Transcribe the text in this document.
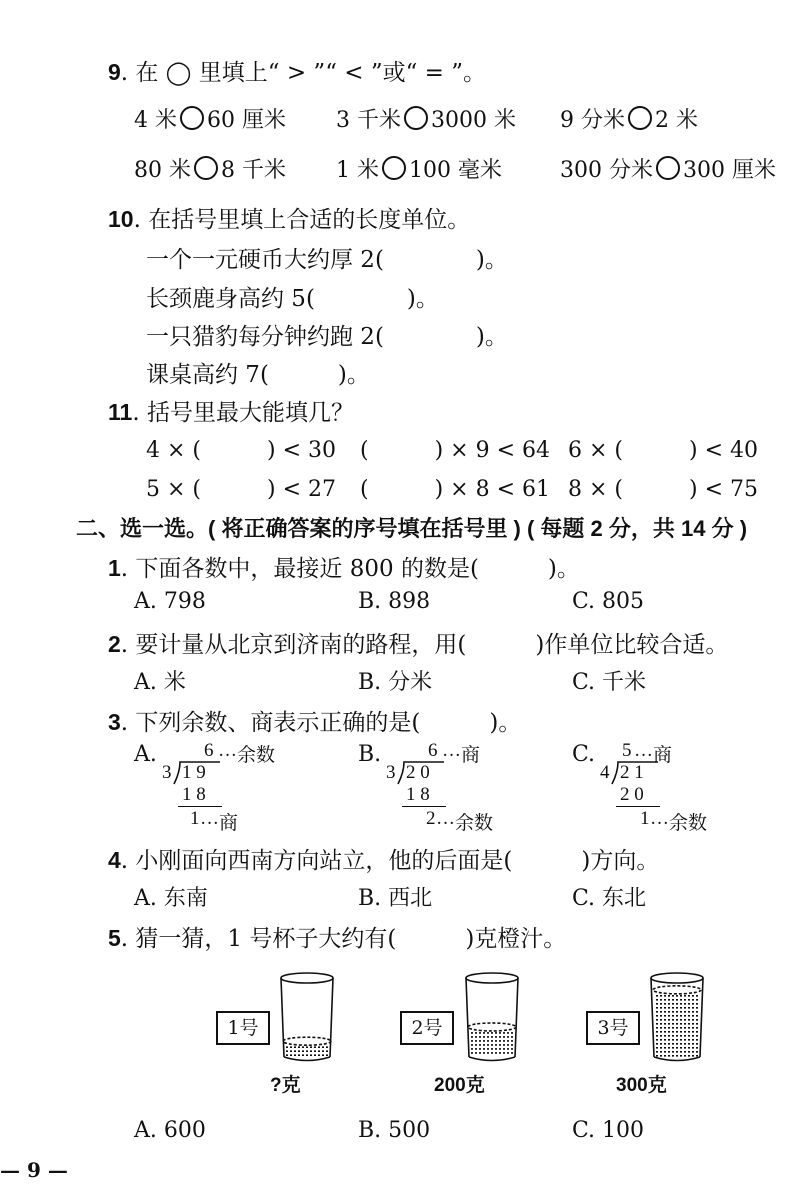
9. 在 ◯ 里填上“ > ”“ < ”或“ = ”。
4 米 60 厘米 3 千米 3000 米 9 分米 2 米
80 米 8 千米 1 米 100 毫米	300 分米 300 厘米
10. 在括号里填上合适的长度单位。
一个一元硬币大约厚 2(　　　　)。
长颈鹿身高约 5(　　　　)。
一只猎豹每分钟约跑 2(　　　　)。
课桌高约 7(　　　)。
11. 括号里最大能填几？
4 × (　　　) < 30 (　　　) × 9 < 64 6 × (　　　) < 40
5 × (　　　) < 27 (　　　) × 8 < 61 8 × (　　　) < 75
二、选一选。( 将正确答案的序号填在括号里 ) ( 每题 2 分，共 14 分 )
1. 下面各数中，最接近 800 的数是(　　　)。
A. 798	B. 898	C. 805
2. 要计量从北京到济南的路程，用(　　　)作单位比较合适。
A. 米	B. 分米	C. 千米
3. 下列余数、商表示正确的是(　　　)。
A. 6 ···余数
3 1 9
1 8
1 ···商
B. 6 ···商
3 2 0
1 8
2 ···余数
C. 5 ···商
4 2 1
2 0
1 ···余数
4. 小刚面向西南方向站立，他的后面是(　　　)方向。
A. 东南	B. 西北	C. 东北
5. 猜一猜，1 号杯子大约有(　　　)克橙汁。
1号
?克
2号
200克
3号
300克
A. 600	B. 500	C. 100
— 9 —
